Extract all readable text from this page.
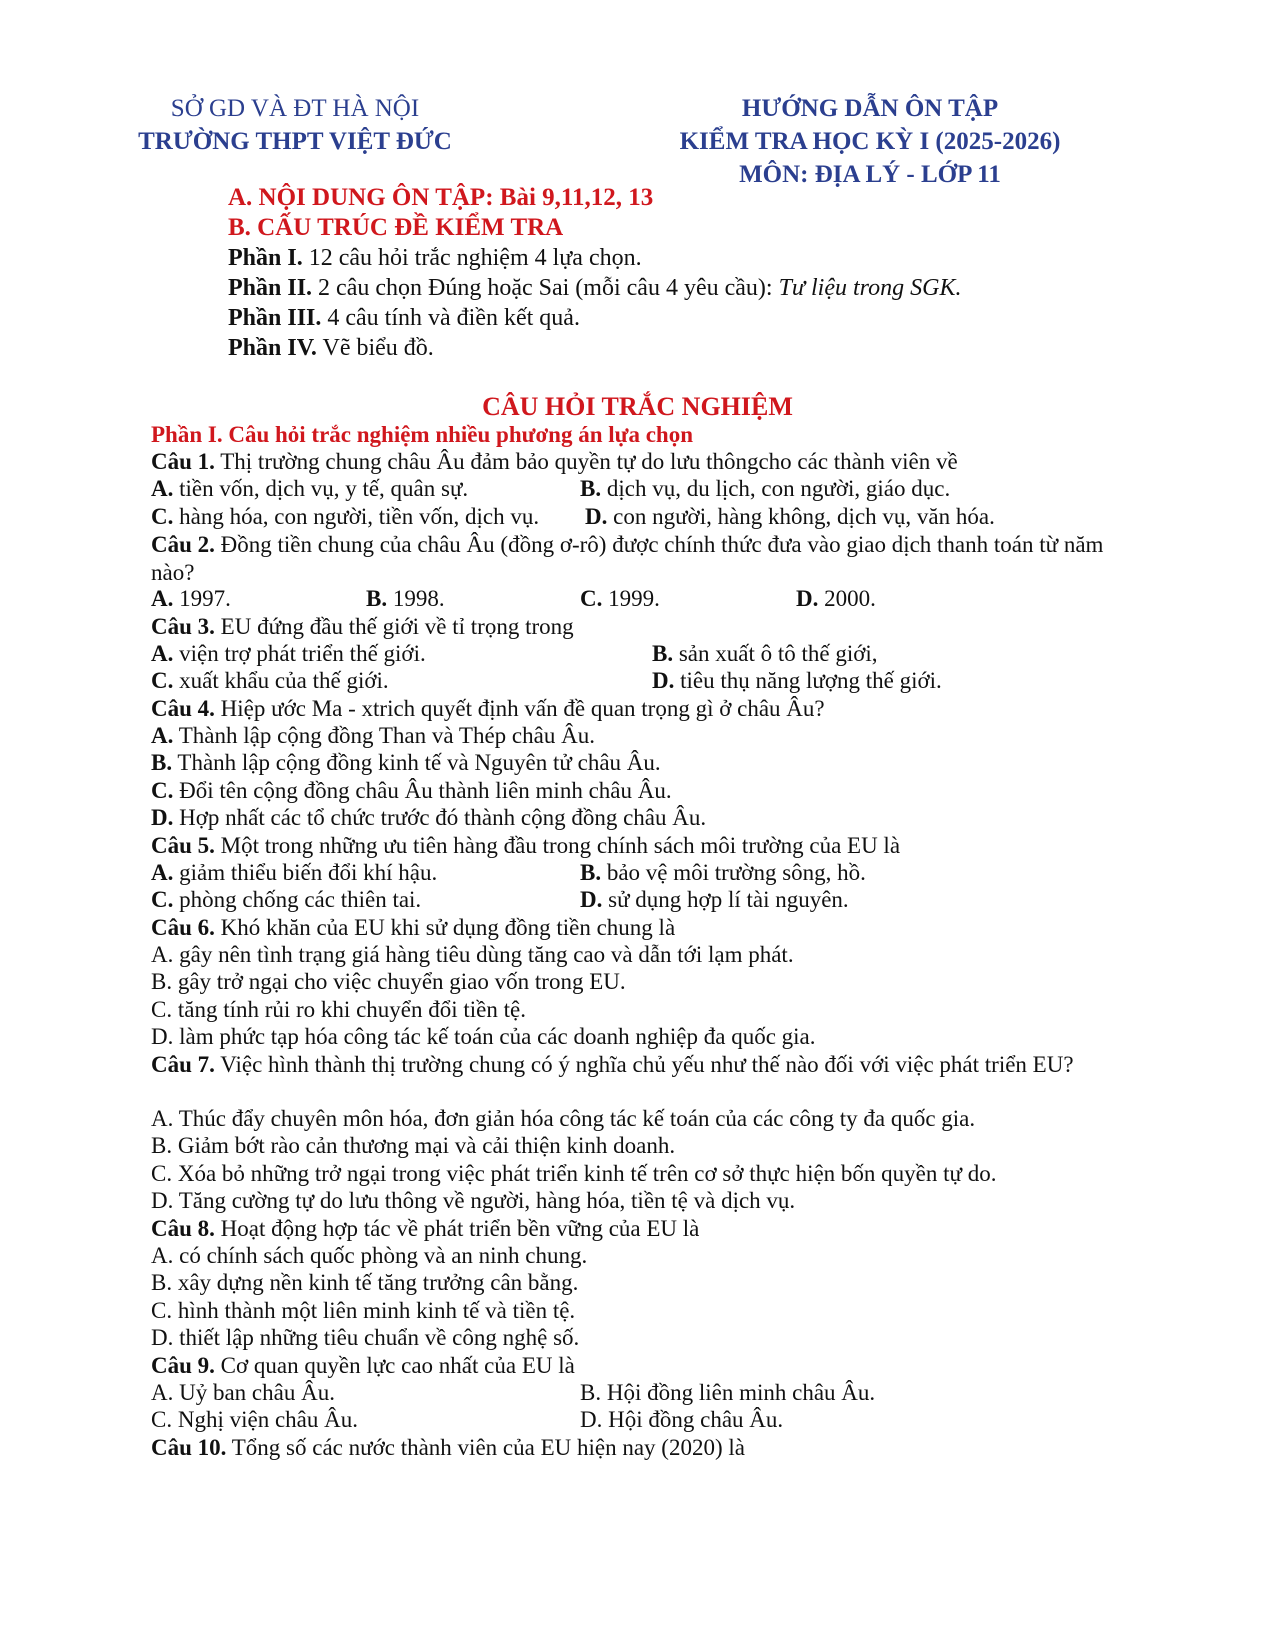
SỞ GD VÀ ĐT HÀ NỘI
TRƯỜNG THPT VIỆT ĐỨC
HƯỚNG DẪN ÔN TẬP
KIỂM TRA HỌC KỲ I (2025-2026)
MÔN: ĐỊA LÝ - LỚP 11
A. NỘI DUNG ÔN TẬP: Bài 9,11,12, 13
B. CẤU TRÚC ĐỀ KIỂM TRA
Phần I. 12 câu hỏi trắc nghiệm 4 lựa chọn.
Phần II. 2 câu chọn Đúng hoặc Sai (mỗi câu 4 yêu cầu): Tư liệu trong SGK.
Phần III. 4 câu tính và điền kết quả.
Phần IV. Vẽ biểu đồ.
CÂU HỎI TRẮC NGHIỆM
Phần I. Câu hỏi trắc nghiệm nhiều phương án lựa chọn
Câu 1. Thị trường chung châu Âu đảm bảo quyền tự do lưu thôngcho các thành viên về
A. tiền vốn, dịch vụ, y tế, quân sự.	B. dịch vụ, du lịch, con người, giáo dục.
C. hàng hóa, con người, tiền vốn, dịch vụ. D. con người, hàng không, dịch vụ, văn hóa.
Câu 2. Đồng tiền chung của châu Âu (đồng ơ-rô) được chính thức đưa vào giao dịch thanh toán từ năm nào?
A. 1997.	B. 1998.	C. 1999.	D. 2000.
Câu 3. EU đứng đầu thế giới về tỉ trọng trong
A. viện trợ phát triển thế giới.	B. sản xuất ô tô thế giới,
C. xuất khẩu của thế giới.	D. tiêu thụ năng lượng thế giới.
Câu 4. Hiệp ước Ma - xtrich quyết định vấn đề quan trọng gì ở châu Âu?
A. Thành lập cộng đồng Than và Thép châu Âu.
B. Thành lập cộng đồng kinh tế và Nguyên tử châu Âu.
C. Đổi tên cộng đồng châu Âu thành liên minh châu Âu.
D. Hợp nhất các tổ chức trước đó thành cộng đồng châu Âu.
Câu 5. Một trong những ưu tiên hàng đầu trong chính sách môi trường của EU là
A. giảm thiểu biến đổi khí hậu.	B. bảo vệ môi trường sông, hồ.
C. phòng chống các thiên tai.	D. sử dụng hợp lí tài nguyên.
Câu 6. Khó khăn của EU khi sử dụng đồng tiền chung là
A. gây nên tình trạng giá hàng tiêu dùng tăng cao và dẫn tới lạm phát.
B. gây trở ngại cho việc chuyển giao vốn trong EU.
C. tăng tính rủi ro khi chuyển đổi tiền tệ.
D. làm phức tạp hóa công tác kế toán của các doanh nghiệp đa quốc gia.
Câu 7. Việc hình thành thị trường chung có ý nghĩa chủ yếu như thế nào đối với việc phát triển EU?
A. Thúc đẩy chuyên môn hóa, đơn giản hóa công tác kế toán của các công ty đa quốc gia.
B. Giảm bớt rào cản thương mại và cải thiện kinh doanh.
C. Xóa bỏ những trở ngại trong việc phát triển kinh tế trên cơ sở thực hiện bốn quyền tự do.
D. Tăng cường tự do lưu thông về người, hàng hóa, tiền tệ và dịch vụ.
Câu 8. Hoạt động hợp tác về phát triển bền vững của EU là
A. có chính sách quốc phòng và an ninh chung.
B. xây dựng nền kinh tế tăng trưởng cân bằng.
C. hình thành một liên minh kinh tế và tiền tệ.
D. thiết lập những tiêu chuẩn về công nghệ số.
Câu 9. Cơ quan quyền lực cao nhất của EU là
A. Uỷ ban châu Âu.	B. Hội đồng liên minh châu Âu.
C. Nghị viện châu Âu.	D. Hội đồng châu Âu.
Câu 10. Tổng số các nước thành viên của EU hiện nay (2020) là
